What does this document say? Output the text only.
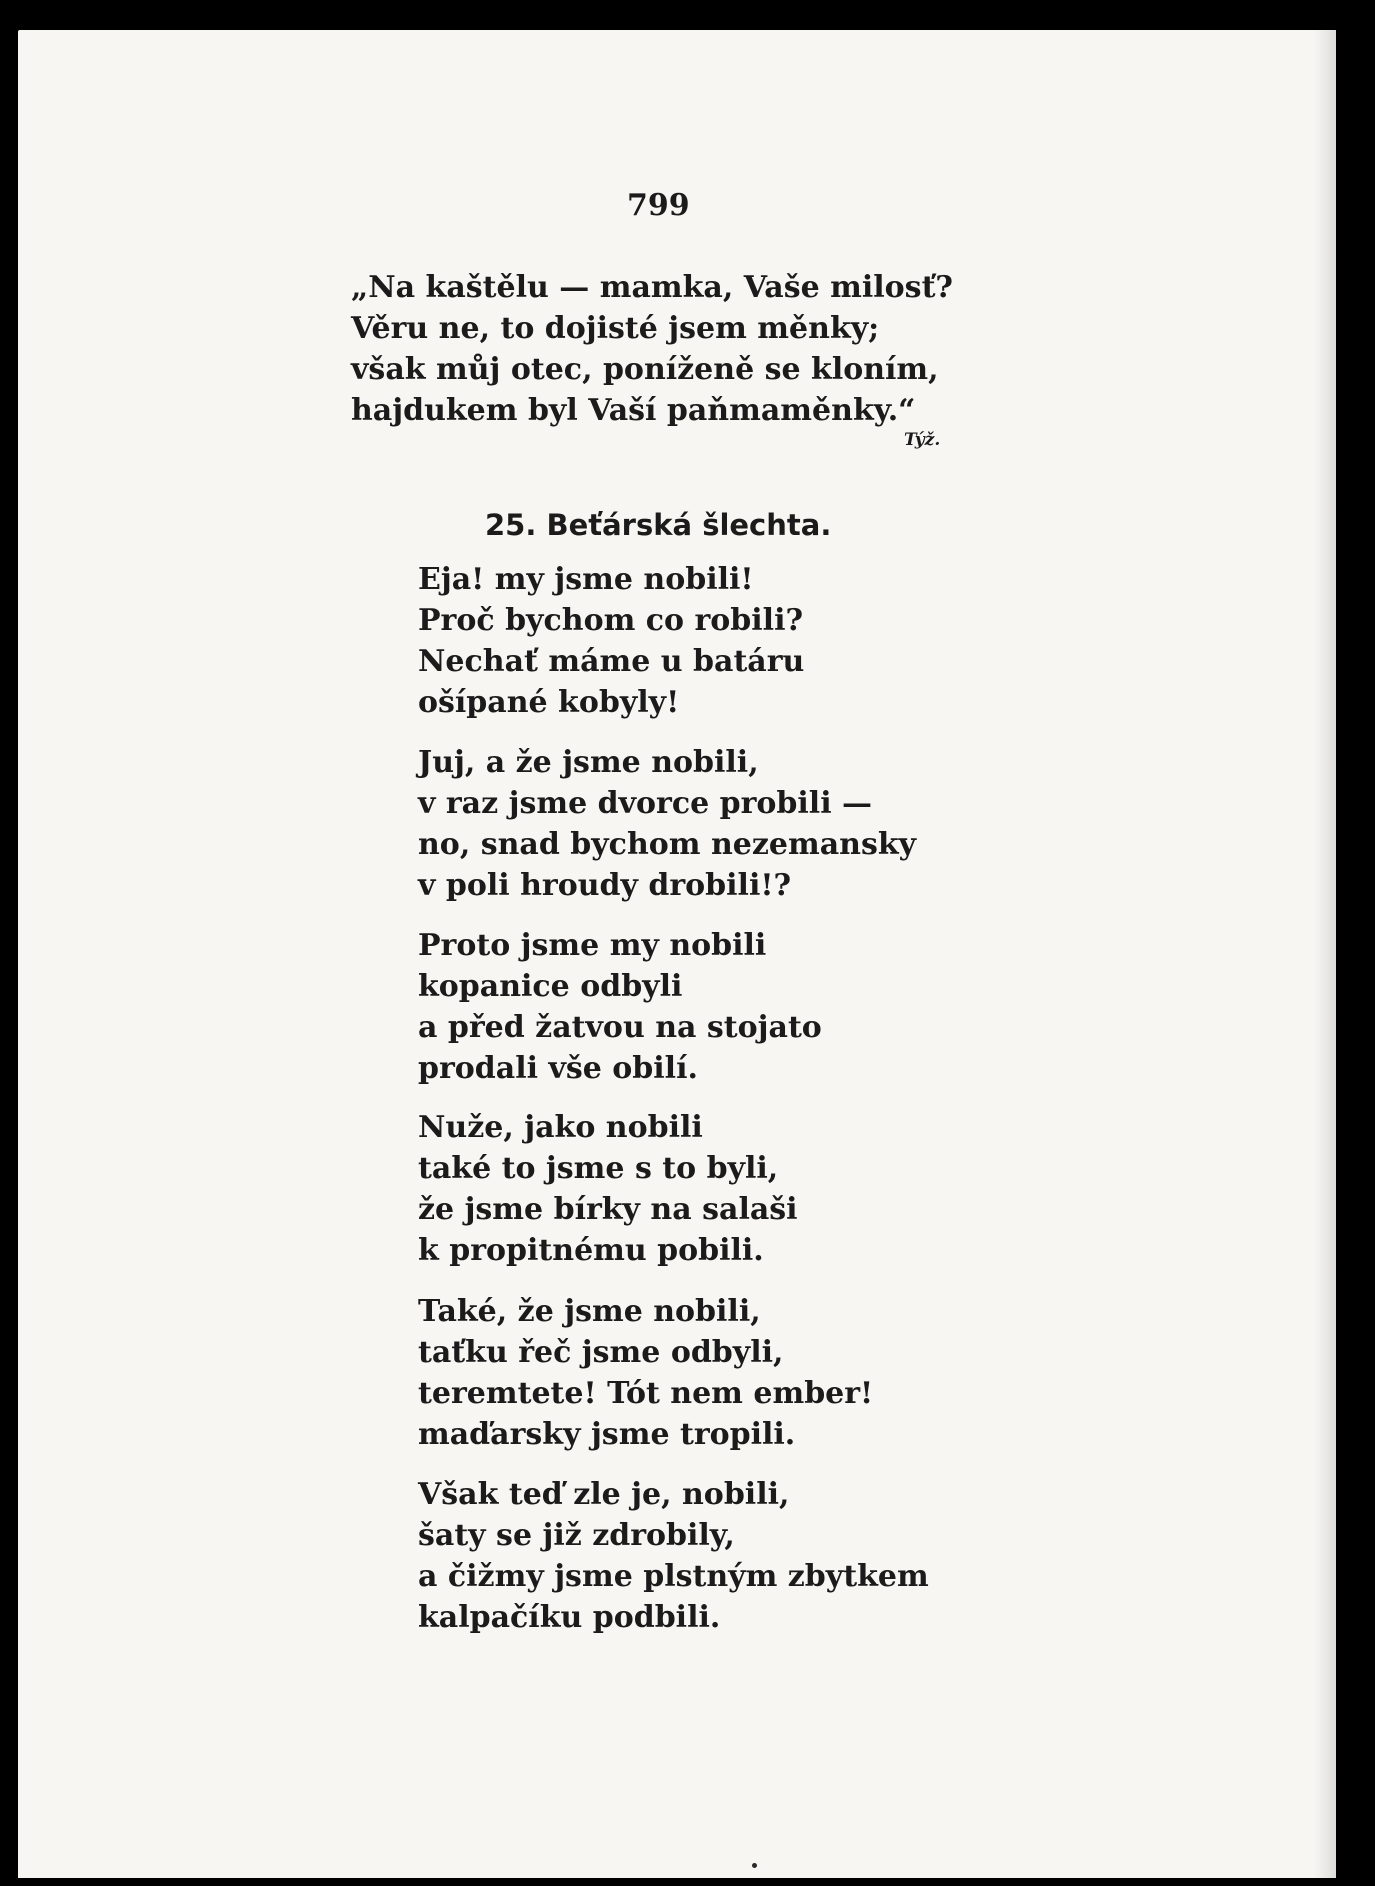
799

„Na kaštělu — mamka, Vaše milosť?
Věru ne, to dojisté jsem měnky;
však můj otec, poníženě se kloním,
hajdukem byl Vaší paňmaměnky.“

Týž.

25. Beťárská šlechta.
Eja! my jsme nobili!
Proč bychom co robili?
Nechať máme u batáru
ošípané kobyly!
Juj, a že jsme nobili,
v raz jsme dvorce probili —
no, snad bychom nezemansky
v poli hroudy drobili!?
Proto jsme my nobili
kopanice odbyli
a před žatvou na stojato
prodali vše obilí.
Nuže, jako nobili
také to jsme s to byli,
že jsme bírky na salaši
k propitnému pobili.
Také, že jsme nobili,
taťku řeč jsme odbyli,
teremtete! Tót nem ember!
maďarsky jsme tropili.
Však teď zle je, nobili,
šaty se již zdrobily,
a čižmy jsme plstným zbytkem
kalpačíku podbili.
